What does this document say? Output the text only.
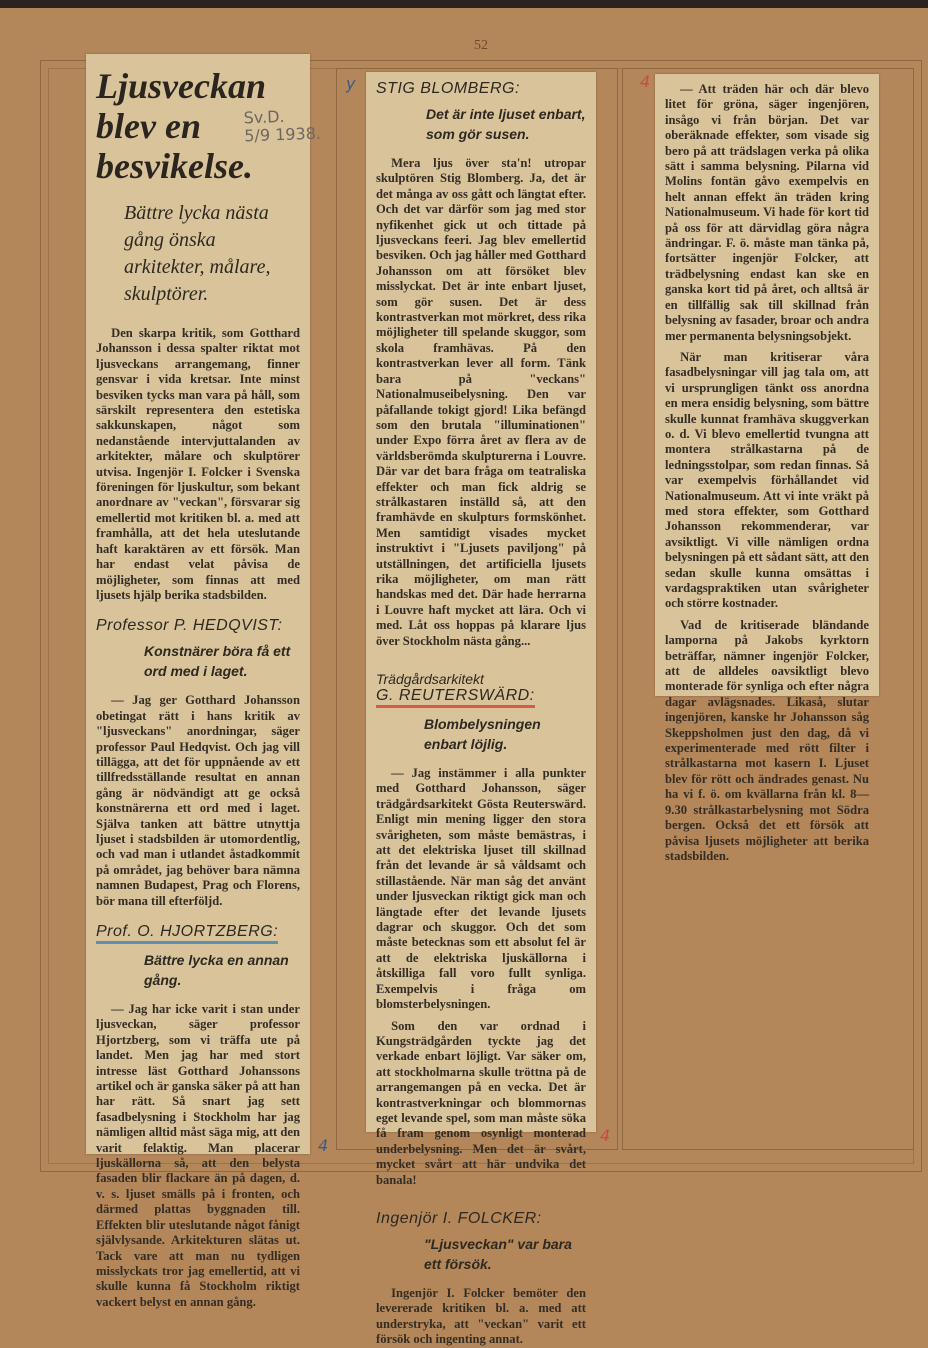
52
Ljusveckan
blev en
besvikelse.
Bättre lycka nästa gång önska arkitekter, målare, skulptörer.

Den skarpa kritik, som Gotthard Johansson i dessa spalter riktat mot ljusveckans arrangemang, finner gensvar i vida kretsar. Inte minst besviken tycks man vara på håll, som särskilt representera den estetiska sakkunskapen, något som nedanstående intervjuttalanden av arkitekter, målare och skulptörer utvisa. Ingenjör I. Folcker i Svenska föreningen för ljuskultur, som bekant anordnare av "veckan", försvarar sig emellertid mot kritiken bl. a. med att framhålla, att det hela uteslutande haft karaktären av ett försök. Man har endast velat påvisa de möjligheter, som finnas att med ljusets hjälp berika stadsbilden.

Professor P. HEDQVIST:
Konstnärer böra få ett ord med i laget.

— Jag ger Gotthard Johansson obetingat rätt i hans kritik av "ljusveckans" anordningar, säger professor Paul Hedqvist. Och jag vill tillägga, att det för uppnående av ett tillfredsställande resultat en annan gång är nödvändigt att ge också konstnärerna ett ord med i laget. Själva tanken att bättre utnyttja ljuset i stadsbilden är utomordentlig, och vad man i utlandet åstadkommit på området, jag behöver bara nämna namnen Budapest, Prag och Florens, bör mana till efterföljd.

Prof. O. HJORTZBERG:
Bättre lycka en annan gång.

— Jag har icke varit i stan under ljusveckan, säger professor Hjortzberg, som vi träffa ute på landet. Men jag har med stort intresse läst Gotthard Johanssons artikel och är ganska säker på att han har rätt. Så snart jag sett fasadbelysning i Stockholm har jag nämligen alltid måst säga mig, att den varit felaktig. Man placerar ljuskällorna så, att den belysta fasaden blir flackare än på dagen, d. v. s. ljuset smälls på i fronten, och därmed plattas byggnaden till. Effekten blir uteslutande något fånigt självlysande. Arkitekturen slätas ut. Tack vare att man nu tydligen misslyckats tror jag emellertid, att vi skulle kunna få Stockholm riktigt vackert belyst en annan gång.

Sv.D.
5/9 1938.
STIG BLOMBERG:
Det är inte ljuset enbart, som gör susen.

Mera ljus över sta'n! utropar skulptören Stig Blomberg. Ja, det är det många av oss gått och längtat efter. Och det var därför som jag med stor nyfikenhet gick ut och tittade på ljusveckans feeri. Jag blev emellertid besviken. Och jag håller med Gotthard Johansson om att försöket blev misslyckat. Det är inte enbart ljuset, som gör susen. Det är dess kontrastverkan mot mörkret, dess rika möjligheter till spelande skuggor, som skola framhävas. På den kontrastverkan lever all form. Tänk bara på "veckans" Nationalmuseibelysning. Den var påfallande tokigt gjord! Lika befängd som den brutala "illuminationen" under Expo förra året av flera av de världsberömda skulpturerna i Louvre. Där var det bara fråga om teatraliska effekter och man fick aldrig se strålkastaren inställd så, att den framhävde en skulpturs formskönhet. Men samtidigt visades mycket instruktivt i "Ljusets paviljong" på utställningen, det artificiella ljusets rika möjligheter, om man rätt handskas med det. Där hade herrarna i Louvre haft mycket att lära. Och vi med. Låt oss hoppas på klarare ljus över Stockholm nästa gång...

Trädgårdsarkitekt
G. REUTERSWÄRD:
Blombelysningen enbart löjlig.

— Jag instämmer i alla punkter med Gotthard Johansson, säger trädgårdsarkitekt Gösta Reuterswärd. Enligt min mening ligger den stora svårigheten, som måste bemästras, i att det elektriska ljuset till skillnad från det levande är så våldsamt och stillastående. När man såg det använt under ljusveckan riktigt gick man och längtade efter det levande ljusets dagrar och skuggor. Och det som måste betecknas som ett absolut fel är att de elektriska ljuskällorna i åtskilliga fall voro fullt synliga. Exempelvis i fråga om blomsterbelysningen.

Som den var ordnad i Kungsträdgården tyckte jag det verkade enbart löjligt. Var säker om, att stockholmarna skulle tröttna på de arrangemangen på en vecka. Det är kontrastverkningar och blommornas eget levande spel, som man måste söka få fram genom osynligt monterad underbelysning. Men det är svårt, mycket svårt att här undvika det banala!

Ingenjör I. FOLCKER:
"Ljusveckan" var bara ett försök.

Ingenjör I. Folcker bemöter den levererade kritiken bl. a. med att understryka, att "veckan" varit ett försök och ingenting annat.

— Att träden här och där blevo litet för gröna, säger ingenjören, insågo vi från början. Det var oberäknade effekter, som visade sig bero på att trädslagen verka på olika sätt i samma belysning. Pilarna vid Molins fontän gåvo exempelvis en helt annan effekt än träden kring Nationalmuseum. Vi hade för kort tid på oss för att därvidlag göra några ändringar. F. ö. måste man tänka på, fortsätter ingenjör Folcker, att trädbelysning endast kan ske en ganska kort tid på året, och alltså är en tillfällig sak till skillnad från belysning av fasader, broar och andra mer permanenta belysningsobjekt.

När man kritiserar våra fasadbelysningar vill jag tala om, att vi ursprungligen tänkt oss anordna en mera ensidig belysning, som bättre skulle kunnat framhäva skuggverkan o. d. Vi blevo emellertid tvungna att montera strålkastarna på de ledningsstolpar, som redan finnas. Så var exempelvis förhållandet vid Nationalmuseum. Att vi inte vräkt på med stora effekter, som Gotthard Johansson rekommenderar, var avsiktligt. Vi ville nämligen ordna belysningen på ett sådant sätt, att den sedan skulle kunna omsättas i vardagspraktiken utan svårigheter och större kostnader.

Vad de kritiserade bländande lamporna på Jakobs kyrktorn beträffar, nämner ingenjör Folcker, att de alldeles oavsiktligt blevo monterade för synliga och efter några dagar avlägsnades. Likaså, slutar ingenjören, kanske hr Johansson såg Skeppsholmen just den dag, då vi experimenterade med rött filter i strålkastarna mot kasern I. Ljuset blev för rött och ändrades genast. Nu ha vi f. ö. om kvällarna från kl. 8—9.30 strålkastarbelysning mot Södra bergen. Också det ett försök att påvisa ljusets möjligheter att berika stadsbilden.

y	4
4
4
